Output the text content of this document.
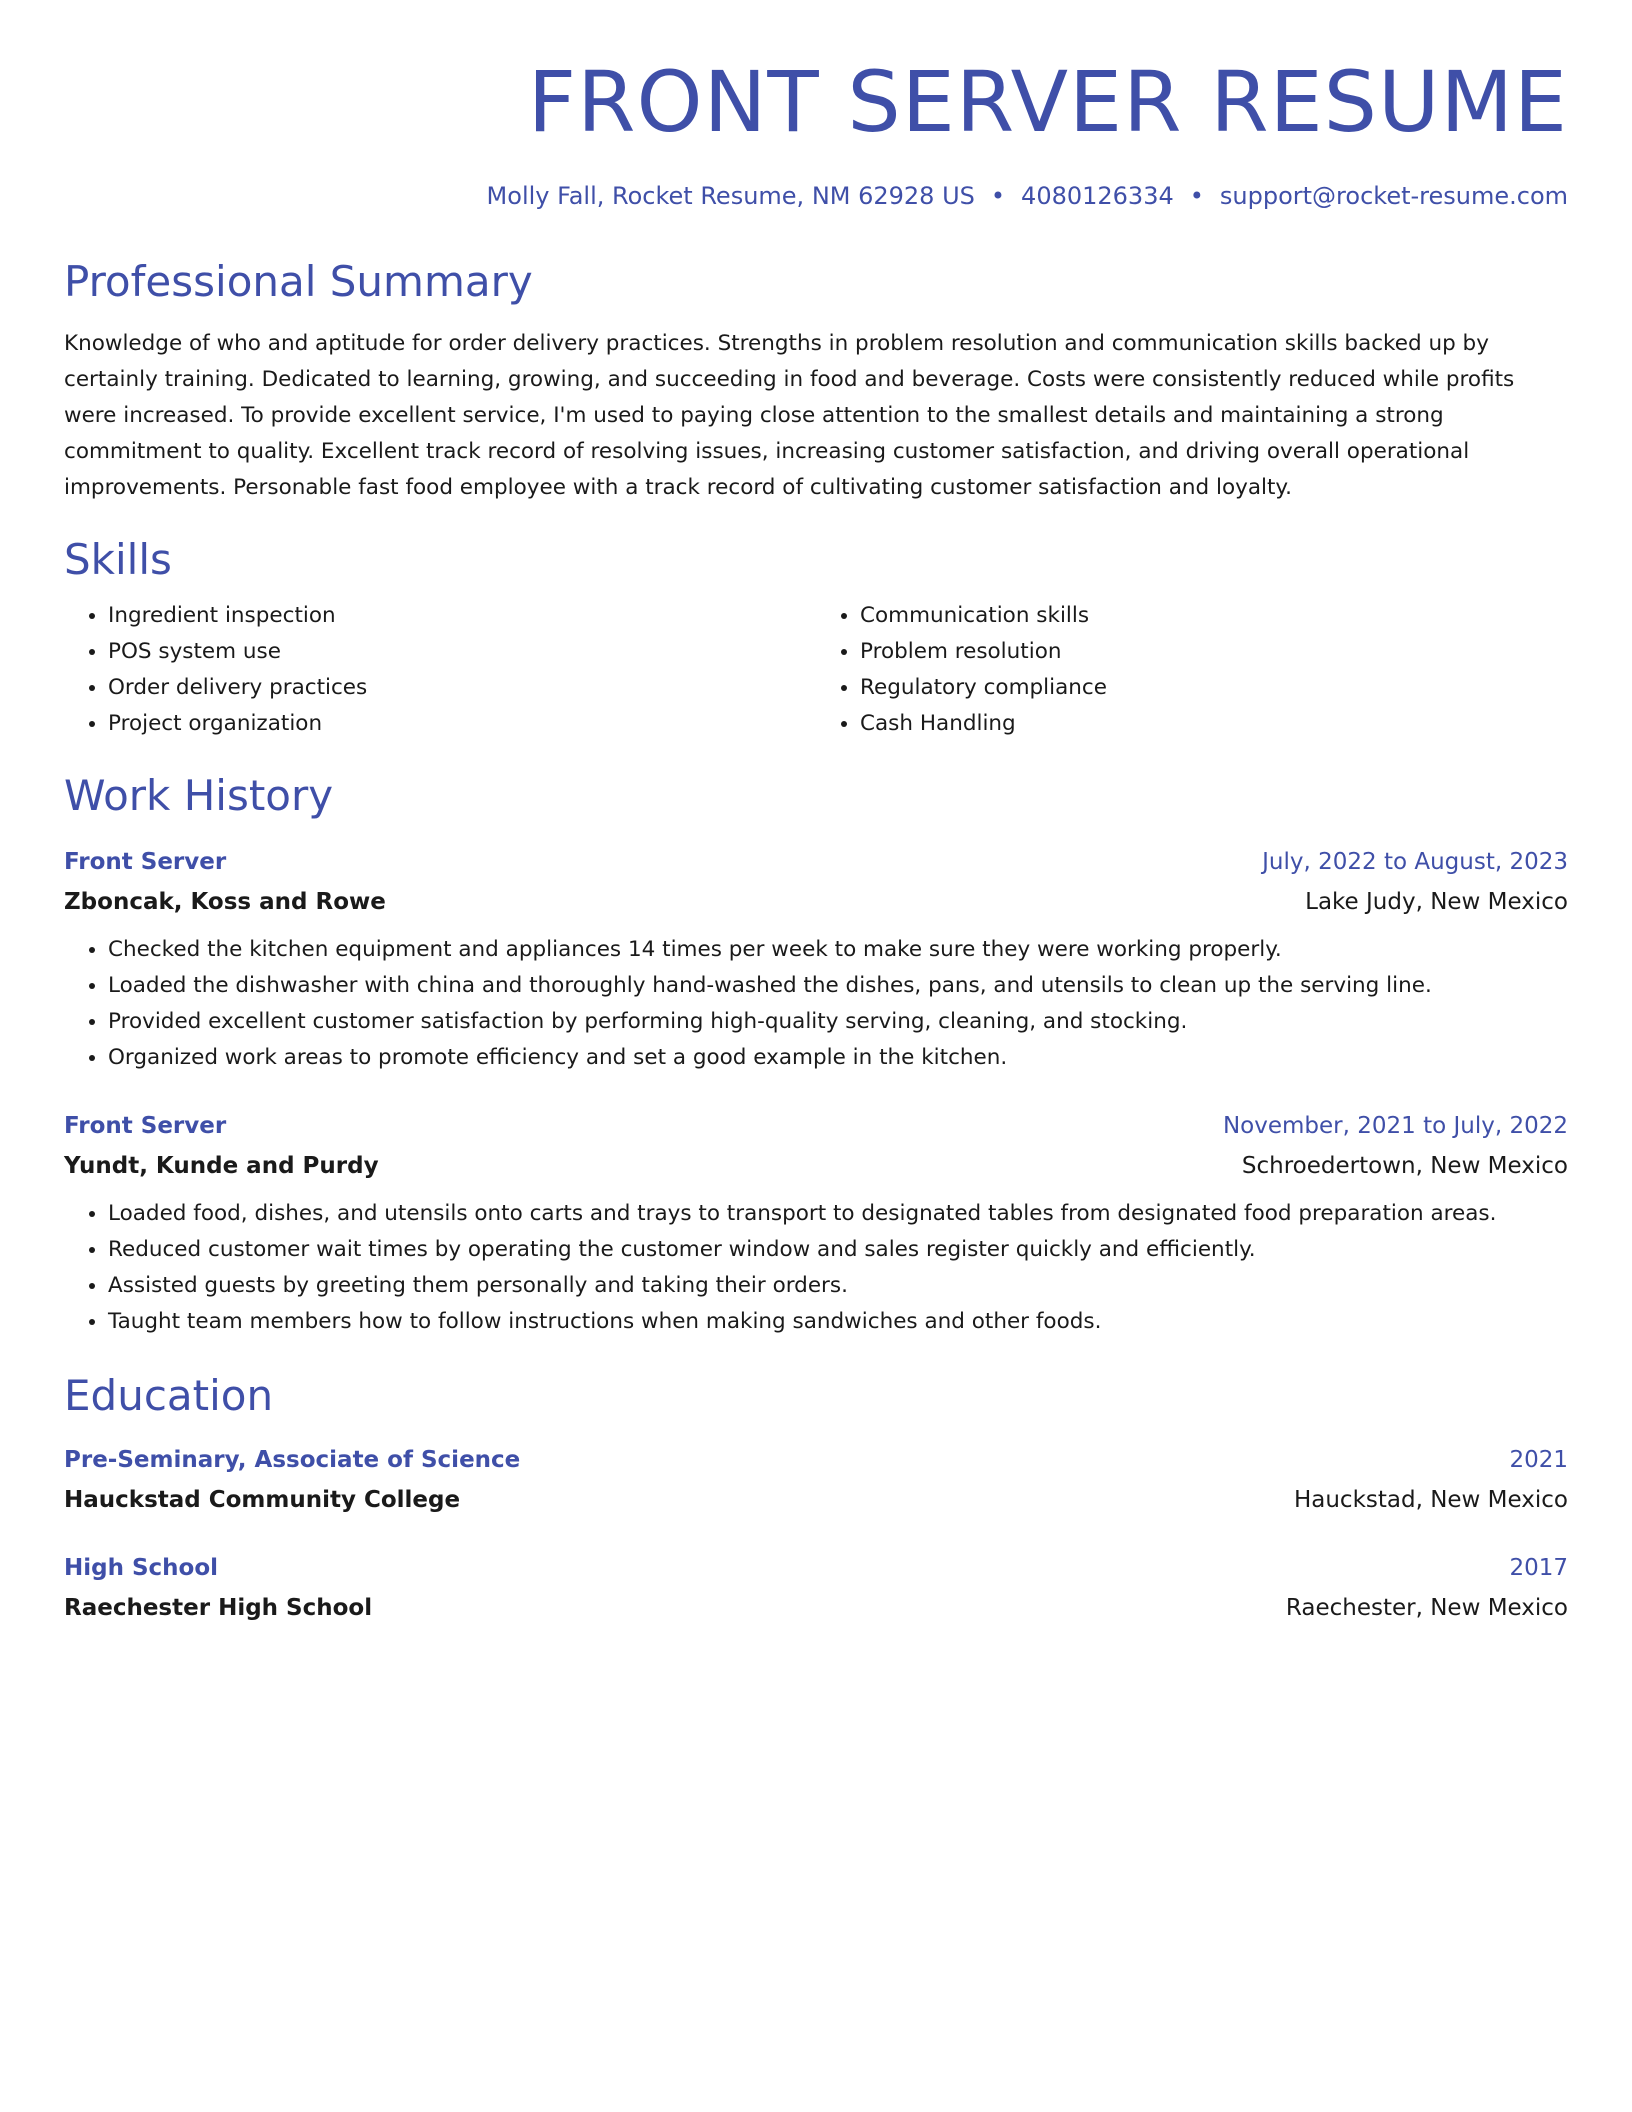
FRONT SERVER RESUME
Molly Fall, Rocket Resume, NM 62928 US • 4080126334 • support@rocket-resume.com
Professional Summary
Knowledge of who and aptitude for order delivery practices. Strengths in problem resolution and communication skills backed up by certainly training. Dedicated to learning, growing, and succeeding in food and beverage. Costs were consistently reduced while profits were increased. To provide excellent service, I'm used to paying close attention to the smallest details and maintaining a strong commitment to quality. Excellent track record of resolving issues, increasing customer satisfaction, and driving overall operational improvements. Personable fast food employee with a track record of cultivating customer satisfaction and loyalty.
Skills
• Ingredient inspection
• POS system use
• Order delivery practices
• Project organization
• Communication skills
• Problem resolution
• Regulatory compliance
• Cash Handling
Work History
Front Server	July, 2022 to August, 2023
Zboncak, Koss and Rowe	Lake Judy, New Mexico
• Checked the kitchen equipment and appliances 14 times per week to make sure they were working properly.
• Loaded the dishwasher with china and thoroughly hand-washed the dishes, pans, and utensils to clean up the serving line.
• Provided excellent customer satisfaction by performing high-quality serving, cleaning, and stocking.
• Organized work areas to promote efficiency and set a good example in the kitchen.
Front Server	November, 2021 to July, 2022
Yundt, Kunde and Purdy	Schroedertown, New Mexico
• Loaded food, dishes, and utensils onto carts and trays to transport to designated tables from designated food preparation areas.
• Reduced customer wait times by operating the customer window and sales register quickly and efficiently.
• Assisted guests by greeting them personally and taking their orders.
• Taught team members how to follow instructions when making sandwiches and other foods.
Education
Pre-Seminary, Associate of Science	2021
Hauckstad Community College	Hauckstad, New Mexico
High School	2017
Raechester High School	Raechester, New Mexico
